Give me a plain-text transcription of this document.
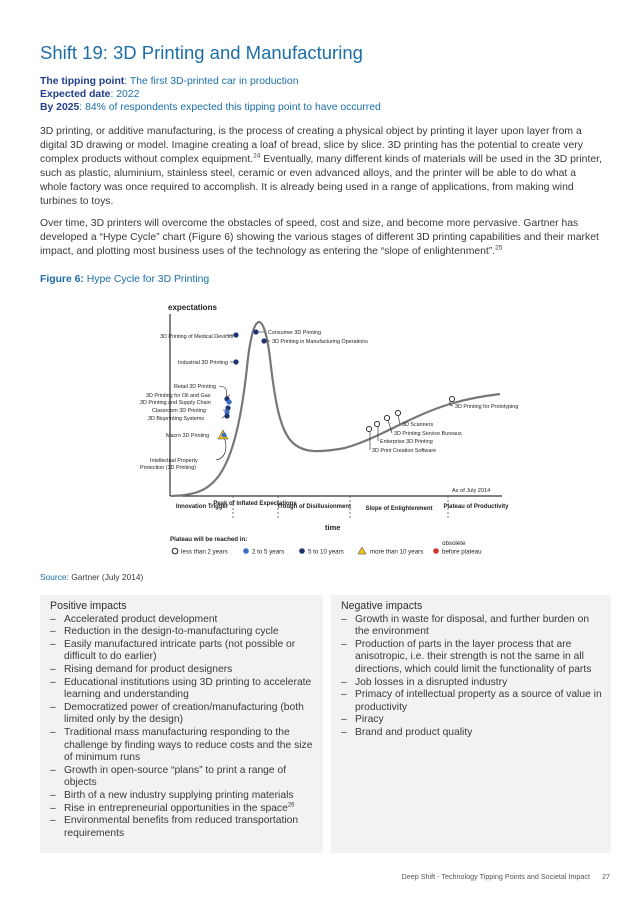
Shift 19: 3D Printing and Manufacturing
The tipping point: The first 3D-printed car in production
Expected date: 2022
By 2025: 84% of respondents expected this tipping point to have occurred

3D printing, or additive manufacturing, is the process of creating a physical object by printing it layer upon layer from a digital 3D drawing or model. Imagine creating a loaf of bread, slice by slice. 3D printing has the potential to create very complex products without complex equipment.$^{24}$ Eventually, many different kinds of materials will be used in the 3D printer, such as plastic, aluminium, stainless steel, ceramic or even advanced alloys, and the printer will be able to do what a whole factory was once required to accomplish. It is already being used in a range of applications, from making wind turbines to toys.

Over time, 3D printers will overcome the obstacles of speed, cost and size, and become more pervasive. Gartner has developed a “Hype Cycle” chart (Figure 6) showing the various stages of different 3D printing capabilities and their market impact, and plotting most business uses of the technology as entering the “slope of enlightenment”.$^{25}$

Figure 6: Hype Cycle for 3D Printing
expectations
time
As of July 2014
Innovation Trigger
Peak of Inflated Expectations
Trough of Disillusionment Slope of Enlightenment Plateau of Productivity
3D Printing of Medical Devices
Consumer 3D Printing
3D Printing in Manufacturing Operations
Industrial 3D Printing
Retail 3D Printing
3D Printing for Oil and Gas
3D Printing and Supply Chain
Classroom 3D Printing
3D Bioprinting Systems
Macro 3D Printing
Intellectual Property
Protection (3D Printing)
3D Printing for Prototyping
3D Scanners
3D Printing Service Bureaus
Enterprise 3D Printing
3D Print Creation Software
Plateau will be reached in:
less than 2 years	2 to 5 years	5 to 10 years	more than 10 years
obsolete
before plateau
Source: Gartner (July 2014)
Positive impacts
– Accelerated product development
– Reduction in the design-to-manufacturing cycle
– Easily manufactured intricate parts (not possible or difficult to do earlier)
– Rising demand for product designers
– Educational institutions using 3D printing to accelerate learning and understanding
– Democratized power of creation/manufacturing (both limited only by the design)
– Traditional mass manufacturing responding to the challenge by finding ways to reduce costs and the size of minimum runs
– Growth in open-source “plans” to print a range of objects
– Birth of a new industry supplying printing materials
– Rise in entrepreneurial opportunities in the space$^{26}$
– Environmental benefits from reduced transportation requirements
Negative impacts
– Growth in waste for disposal, and further burden on the environment
– Production of parts in the layer process that are anisotropic, i.e. their strength is not the same in all directions, which could limit the functionality of parts
– Job losses in a disrupted industry
– Primacy of intellectual property as a source of value in productivity
– Piracy
– Brand and product quality
Deep Shift - Technology Tipping Points and Societal Impact 27
